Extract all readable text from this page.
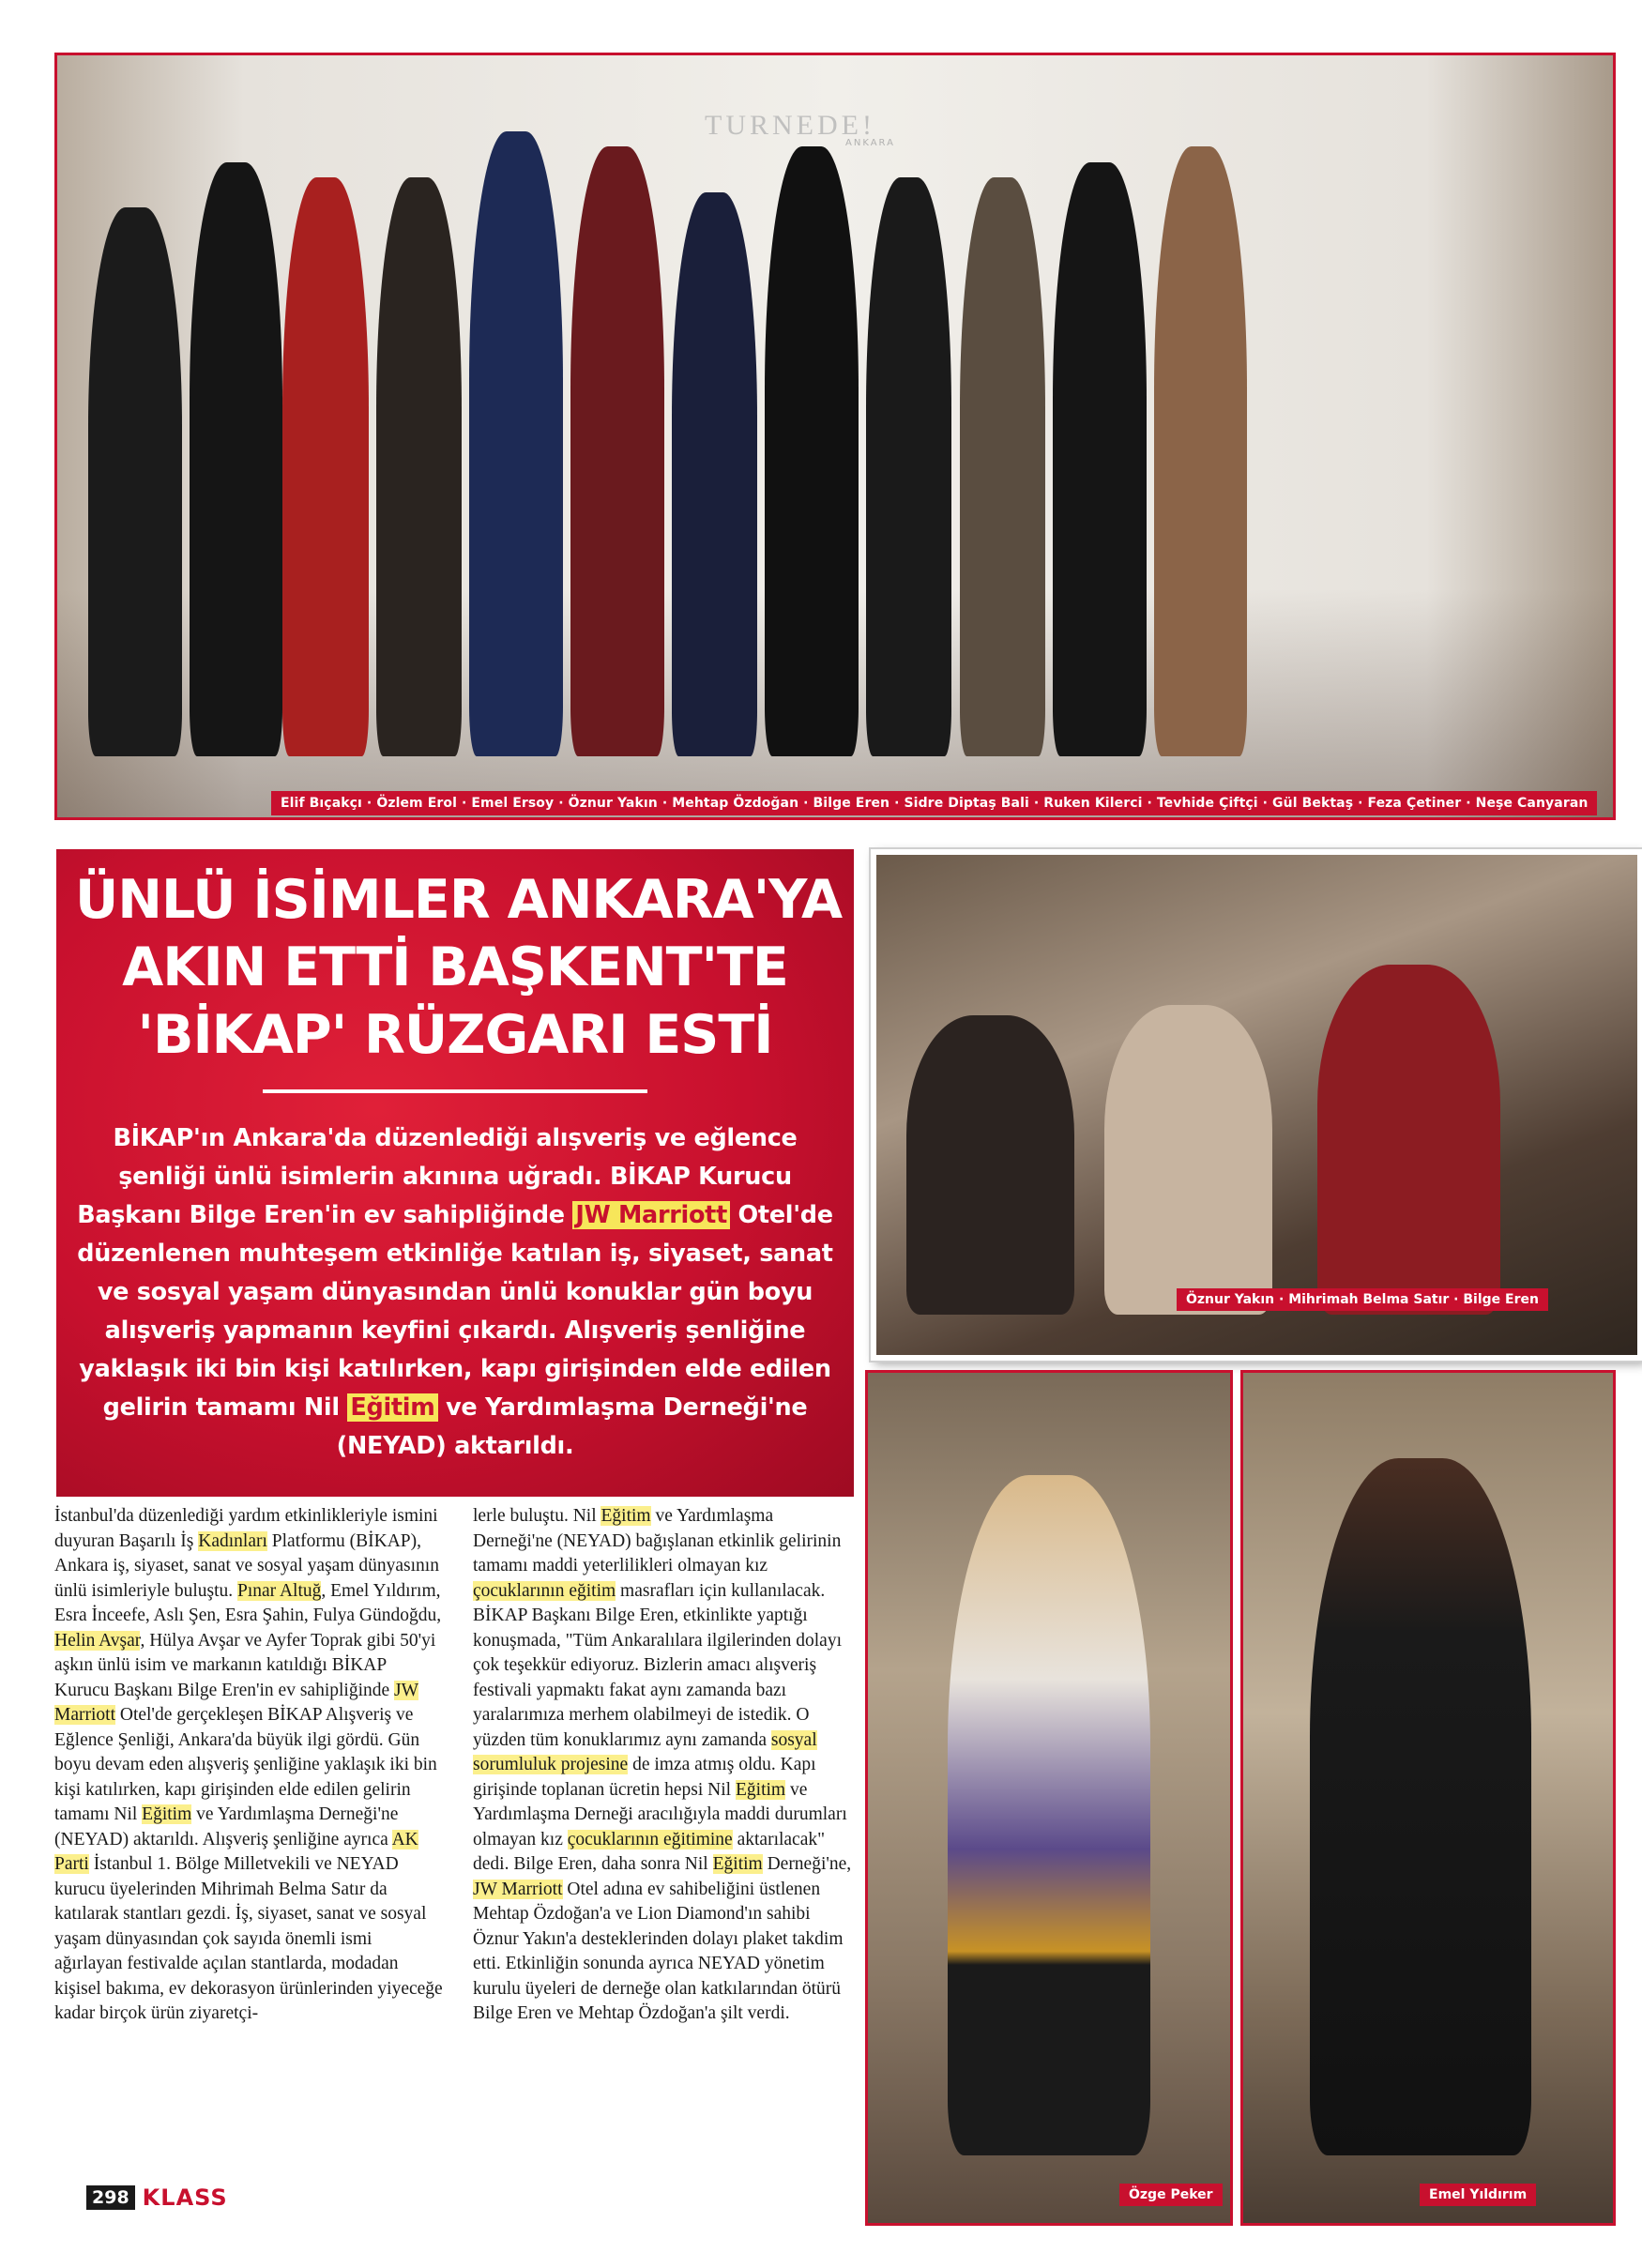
TURNEDE!
ANKARA
Elif Bıçakçı · Özlem Erol · Emel Ersoy · Öznur Yakın · Mehtap Özdoğan · Bilge Eren · Sidre Diptaş Bali · Ruken Kilerci · Tevhide Çiftçi · Gül Bektaş · Feza Çetiner · Neşe Canyaran
ÜNLÜ İSİMLER ANKARA'YA
AKIN ETTİ BAŞKENT'TE
'BİKAP' RÜZGARI ESTİ
BİKAP'ın Ankara'da düzenlediği alışveriş ve eğlence şenliği ünlü isimlerin akınına uğradı. BİKAP Kurucu Başkanı Bilge Eren'in ev sahipliğinde JW Marriott Otel'de düzenlenen muhteşem etkinliğe katılan iş, siyaset, sanat ve sosyal yaşam dünyasından ünlü konuklar gün boyu alışveriş yapmanın keyfini çıkardı. Alışveriş şenliğine yaklaşık iki bin kişi katılırken, kapı girişinden elde edilen gelirin tamamı Nil Eğitim ve Yardımlaşma Derneği'ne (NEYAD) aktarıldı.
Öznur Yakın · Mihrimah Belma Satır · Bilge Eren
Özge Peker	Emel Yıldırım

İstanbul'da düzenlediği yardım etkinlikleriyle ismini duyuran Başarılı İş Kadınları Platformu (BİKAP), Ankara iş, siyaset, sanat ve sosyal yaşam dünyasının ünlü isimleriyle buluştu. Pınar Altuğ, Emel Yıldırım, Esra İnceefe, Aslı Şen, Esra Şahin, Fulya Gündoğdu, Helin Avşar, Hülya Avşar ve Ayfer Toprak gibi 50'yi aşkın ünlü isim ve markanın katıldığı BİKAP Kurucu Başkanı Bilge Eren'in ev sahipliğinde JW Marriott Otel'de gerçekleşen BİKAP Alışveriş ve Eğlence Şenliği, Ankara'da büyük ilgi gördü. Gün boyu devam eden alışveriş şenliğine yaklaşık iki bin kişi katılırken, kapı girişinden elde edilen gelirin tamamı Nil Eğitim ve Yardımlaşma Derneği'ne (NEYAD) aktarıldı. Alışveriş şenliğine ayrıca AK Parti İstanbul 1. Bölge Milletvekili ve NEYAD kurucu üyelerinden Mihrimah Belma Satır da katılarak stantları gezdi. İş, siyaset, sanat ve sosyal yaşam dünyasından çok sayıda önemli ismi ağırlayan festivalde açılan stantlarda, modadan kişisel bakıma, ev dekorasyon ürünlerinden yiyeceğe kadar birçok ürün ziyaretçi-

lerle buluştu. Nil Eğitim ve Yardımlaşma Derneği'ne (NEYAD) bağışlanan etkinlik gelirinin tamamı maddi yeterlilikleri olmayan kız çocuklarının eğitim masrafları için kullanılacak. BİKAP Başkanı Bilge Eren, etkinlikte yaptığı konuşmada, "Tüm Ankaralılara ilgilerinden dolayı çok teşekkür ediyoruz. Bizlerin amacı alışveriş festivali yapmaktı fakat aynı zamanda bazı yaralarımıza merhem olabilmeyi de istedik. O yüzden tüm konuklarımız aynı zamanda sosyal sorumluluk projesine de imza atmış oldu. Kapı girişinde toplanan ücretin hepsi Nil Eğitim ve Yardımlaşma Derneği aracılığıyla maddi durumları olmayan kız çocuklarının eğitimine aktarılacak" dedi. Bilge Eren, daha sonra Nil Eğitim Derneği'ne, JW Marriott Otel adına ev sahibeliğini üstlenen Mehtap Özdoğan'a ve Lion Diamond'ın sahibi Öznur Yakın'a desteklerinden dolayı plaket takdim etti. Etkinliğin sonunda ayrıca NEYAD yönetim kurulu üyeleri de derneğe olan katkılarından ötürü Bilge Eren ve Mehtap Özdoğan'a şilt verdi.

298 KLASS
